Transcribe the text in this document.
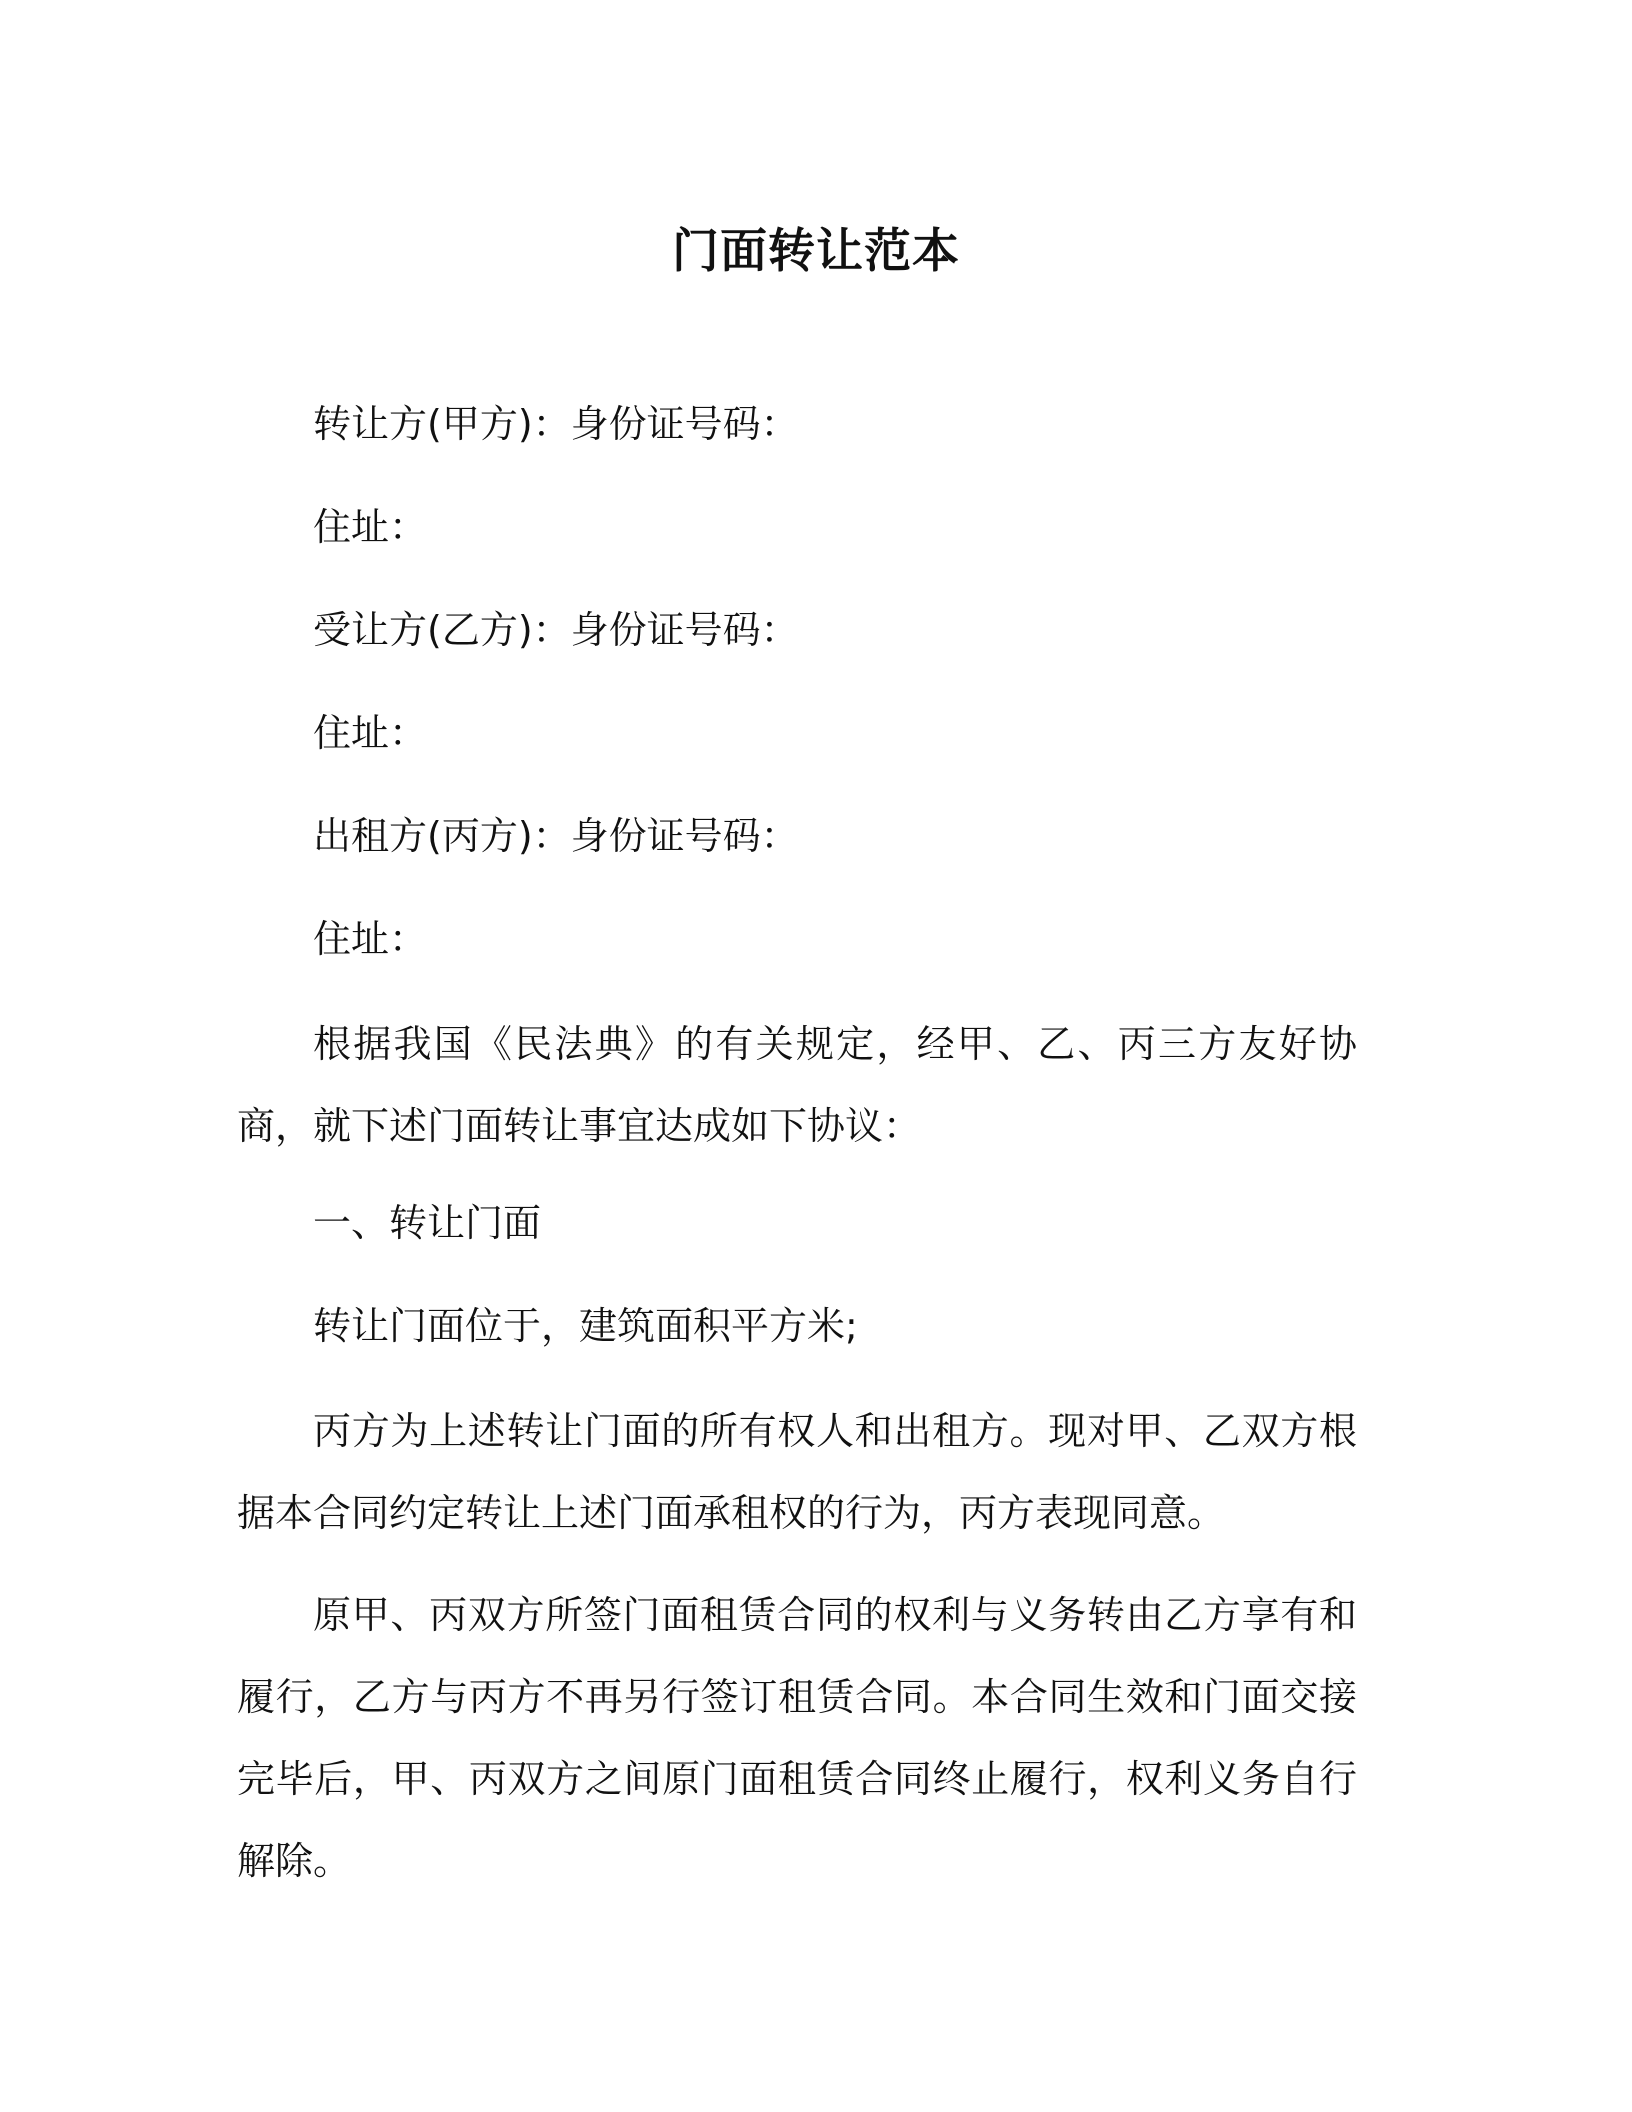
门面转让范本
转让方(甲方)：身份证号码：
住址：
受让方(乙方)：身份证号码：
住址：
出租方(丙方)：身份证号码：
住址：
根据我国《民法典》的有关规定，经甲、乙、丙三方友好协商，就下述门面转让事宜达成如下协议：
一、转让门面
转让门面位于，建筑面积平方米;
丙方为上述转让门面的所有权人和出租方。现对甲、乙双方根据本合同约定转让上述门面承租权的行为，丙方表现同意。
原甲、丙双方所签门面租赁合同的权利与义务转由乙方享有和履行，乙方与丙方不再另行签订租赁合同。本合同生效和门面交接完毕后，甲、丙双方之间原门面租赁合同终止履行，权利义务自行解除。
